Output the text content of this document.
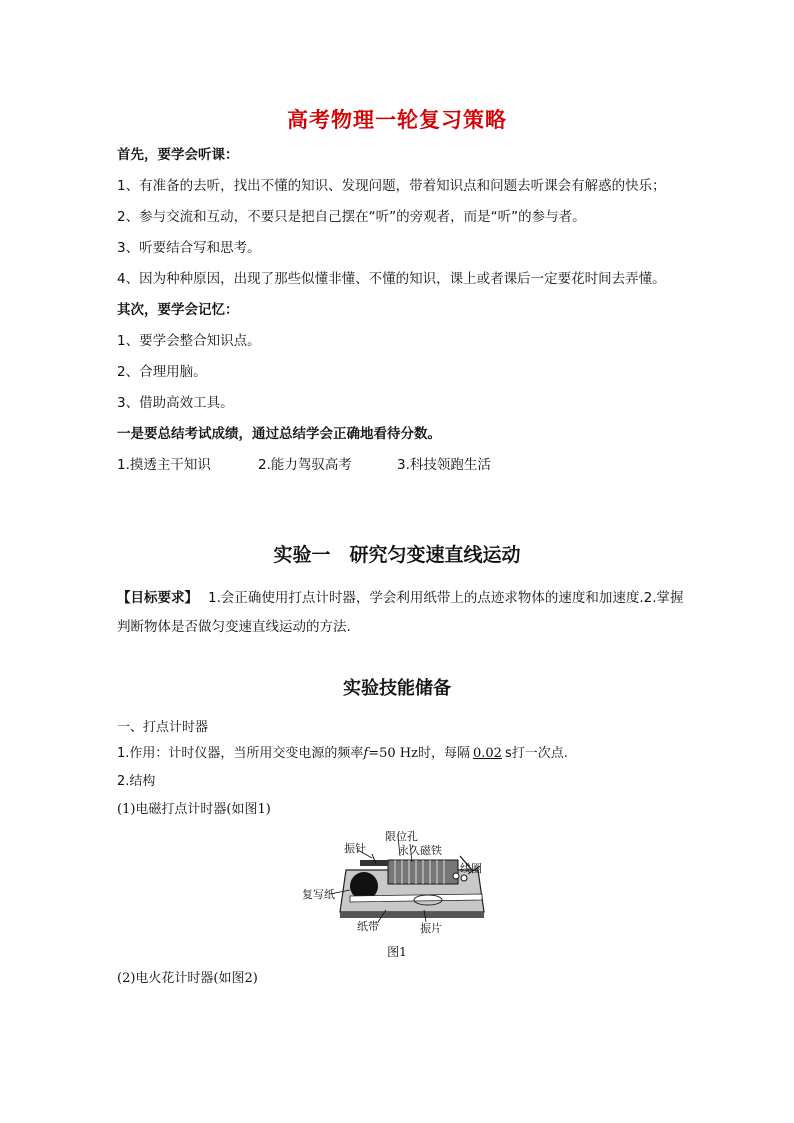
高考物理一轮复习策略
首先，要学会听课：
1、有准备的去听，找出不懂的知识、发现问题，带着知识点和问题去听课会有解惑的快乐；
2、参与交流和互动，不要只是把自己摆在“听”的旁观者，而是“听”的参与者。
3、听要结合写和思考。
4、因为种种原因，出现了那些似懂非懂、不懂的知识，课上或者课后一定要花时间去弄懂。
其次，要学会记忆：
1、要学会整合知识点。
2、合理用脑。
3、借助高效工具。
一是要总结考试成绩，通过总结学会正确地看待分数。
1.摸透主干知识	2.能力驾驭高考	3.科技领跑生活
实验一　研究匀变速直线运动
【目标要求】 1.会正确使用打点计时器，学会利用纸带上的点迹求物体的速度和加速度.2.掌握
判断物体是否做匀变速直线运动的方法.
实验技能储备
一、打点计时器
1.作用：计时仪器，当所用交变电源的频率f=50 Hz时，每隔 0.02 s打一次点.
2.结构
(1)电磁打点计时器(如图1)
振针
限位孔
永久磁铁
线圈
复写纸
纸带	振片
图1
(2)电火花计时器(如图2)
